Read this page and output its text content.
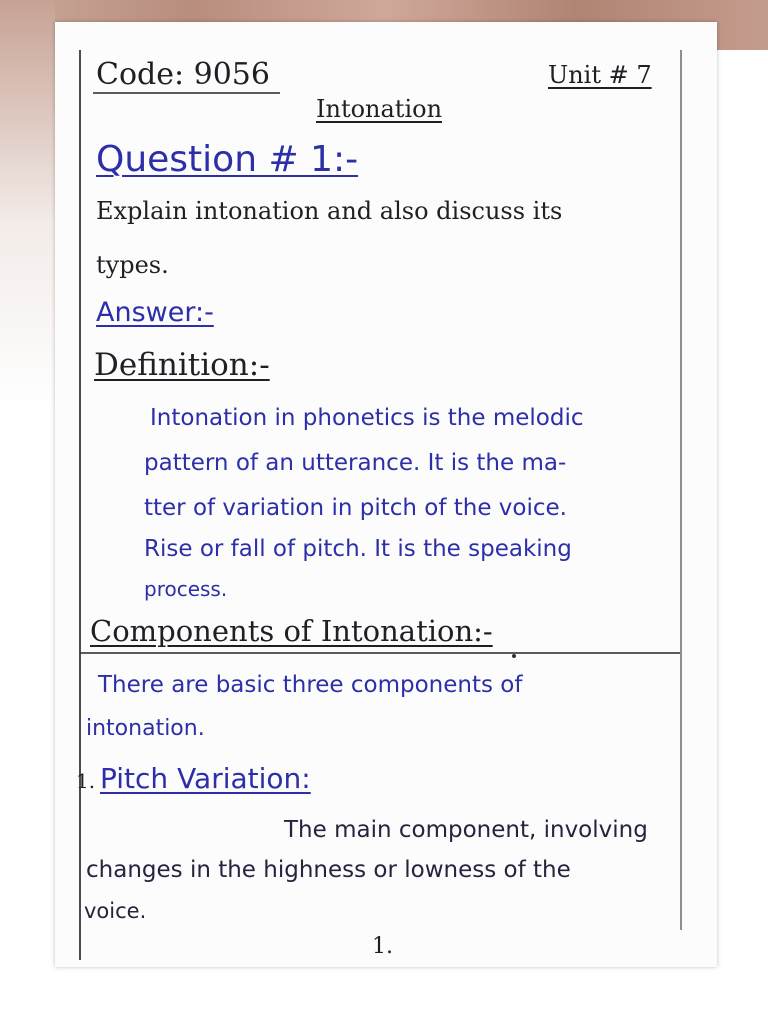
Code: 9056	Unit # 7
Intonation
Question # 1:-
Explain intonation and also discuss its
types.
Answer:-
Definition:-
Intonation in phonetics is the melodic
pattern of an utterance. It is the ma-
tter of variation in pitch of the voice.
Rise or fall of pitch. It is the speaking
process.
Components of Intonation:-
There are basic three components of
intonation.
1. Pitch Variation:
The main component, involving
changes in the highness or lowness of the
voice.
1.
